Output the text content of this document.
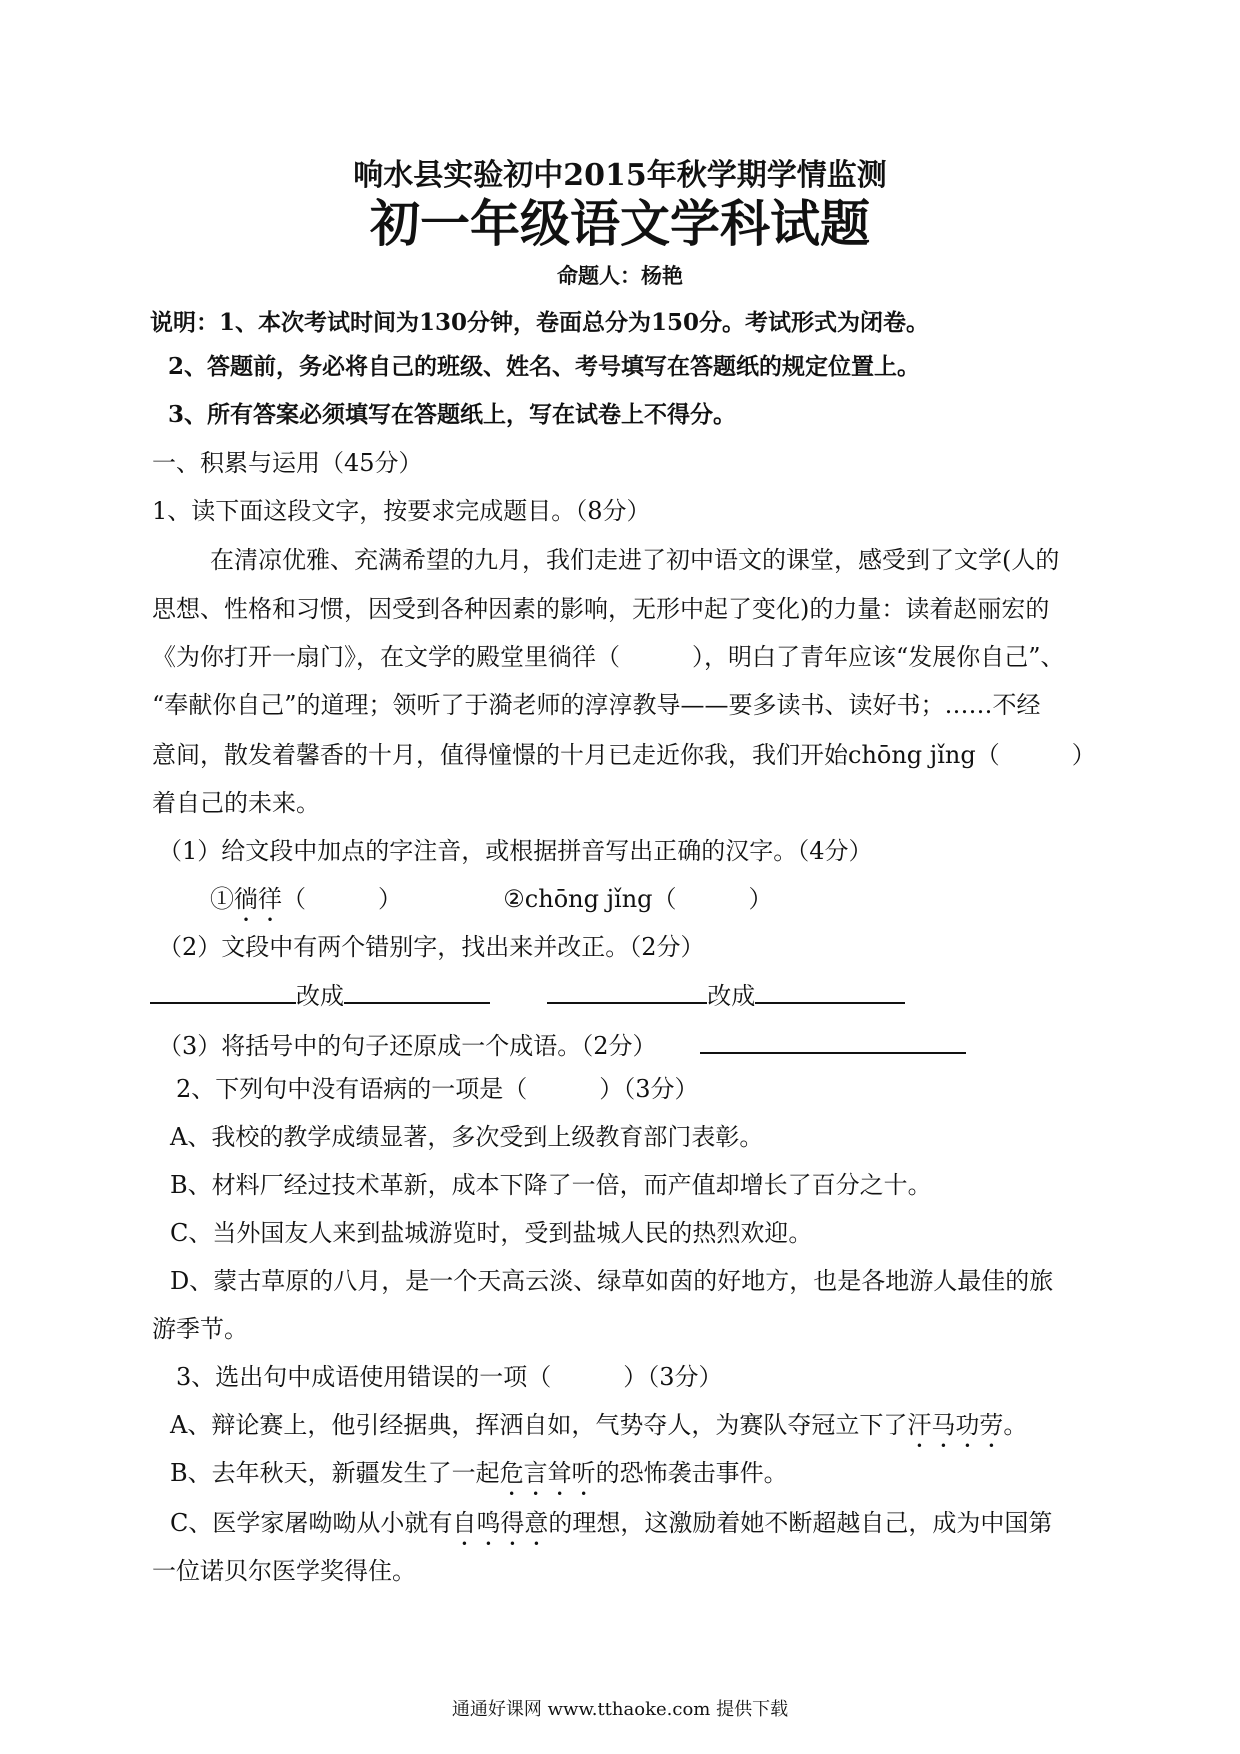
响水县实验初中2015年秋学期学情监测
初一年级语文学科试题
命题人：杨艳
说明：1、本次考试时间为130分钟，卷面总分为150分。考试形式为闭卷。
2、答题前，务必将自己的班级、姓名、考号填写在答题纸的规定位置上。
3、所有答案必须填写在答题纸上，写在试卷上不得分。
一、积累与运用（45分）
1、读下面这段文字，按要求完成题目。（8分）
在清凉优雅、充满希望的九月，我们走进了初中语文的课堂，感受到了文学(人的
思想、性格和习惯，因受到各种因素的影响，无形中起了变化)的力量：读着赵丽宏的
《为你打开一扇门》，在文学的殿堂里徜徉（　　　），明白了青年应该“发展你自己”、
“奉献你自己”的道理；领听了于漪老师的淳淳教导——要多读书、读好书；……不经
意间，散发着馨香的十月，值得憧憬的十月已走近你我，我们开始chōng jǐng（　　　）
着自己的未来。
（1）给文段中加点的字注音，或根据拼音写出正确的汉字。（4分）
①徜徉（　　　）	②chōng jǐng（　　　）
（2）文段中有两个错别字，找出来并改正。（2分）
改成	改成
（3）将括号中的句子还原成一个成语。（2分）
2、下列句中没有语病的一项是（　　　）（3分）
A、我校的教学成绩显著，多次受到上级教育部门表彰。
B、材料厂经过技术革新，成本下降了一倍，而产值却增长了百分之十。
C、当外国友人来到盐城游览时，受到盐城人民的热烈欢迎。
D、蒙古草原的八月，是一个天高云淡、绿草如茵的好地方，也是各地游人最佳的旅
游季节。
3、选出句中成语使用错误的一项（　　　）（3分）
A、辩论赛上，他引经据典，挥洒自如，气势夺人，为赛队夺冠立下了汗马功劳。
B、去年秋天，新疆发生了一起危言耸听的恐怖袭击事件。
C、医学家屠呦呦从小就有自鸣得意的理想，这激励着她不断超越自己，成为中国第
一位诺贝尔医学奖得住。
通通好课网 www.tthaoke.com 提供下载
